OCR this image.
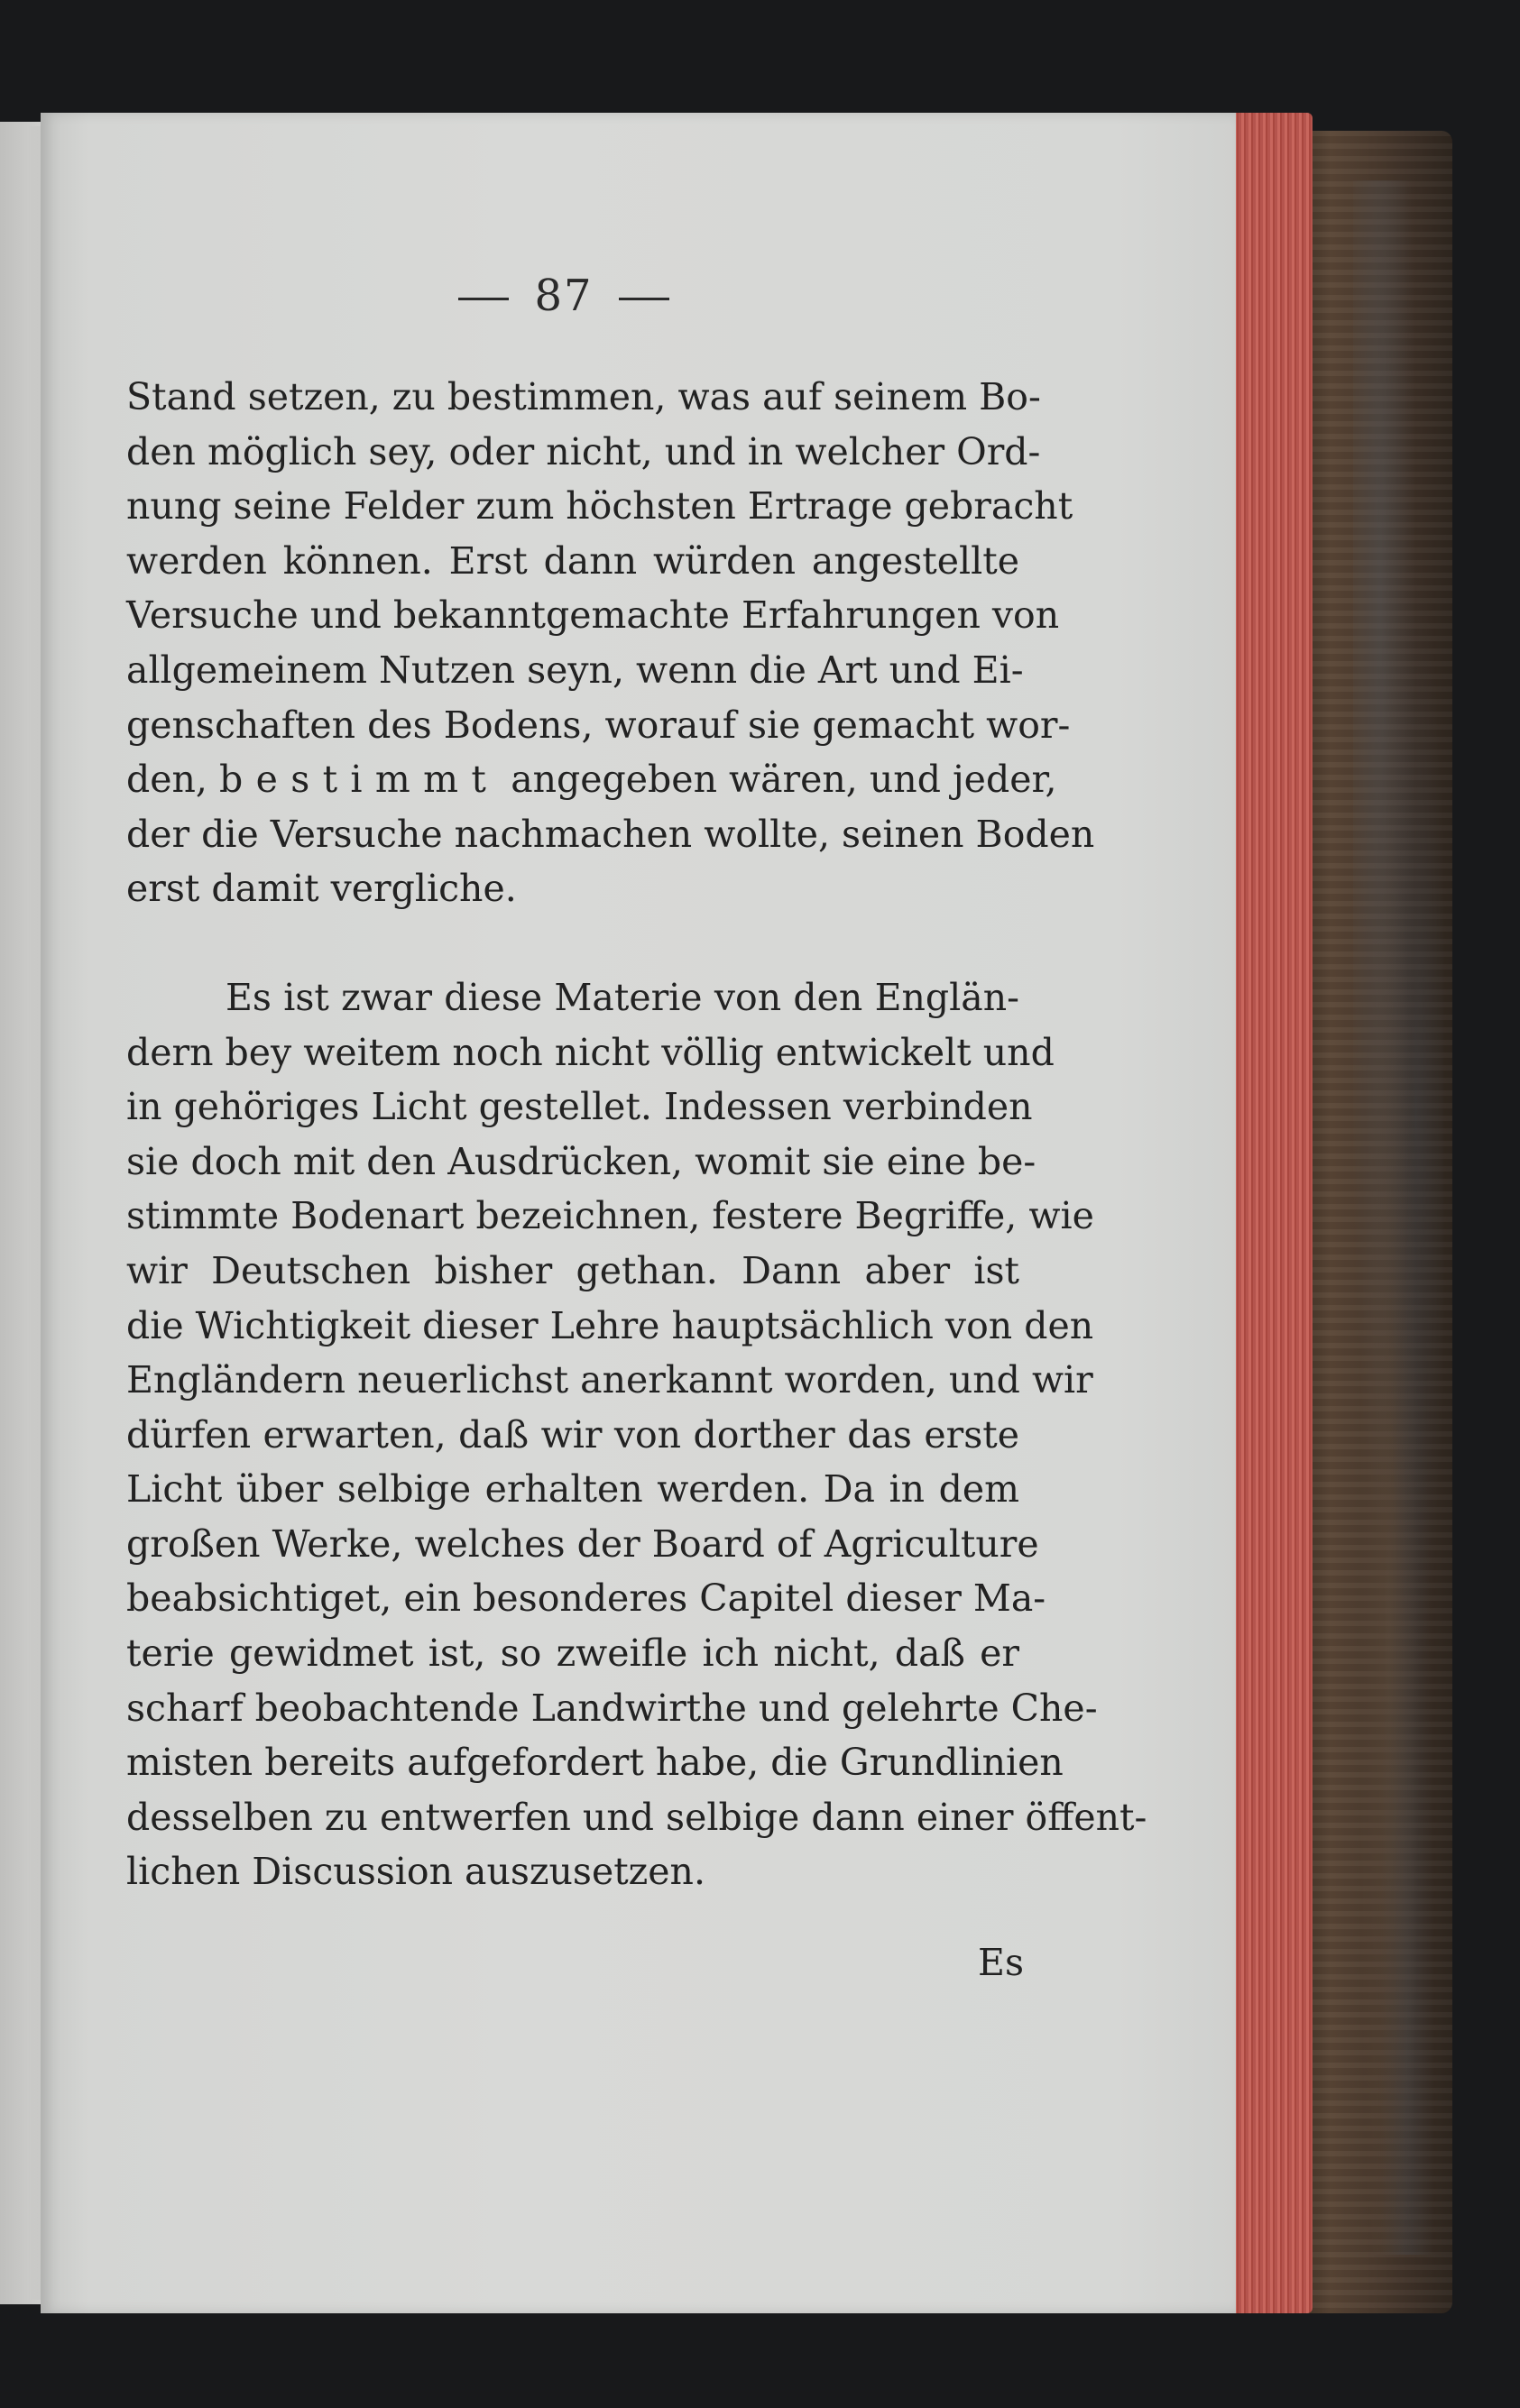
87
Stand setzen, zu bestimmen, was auf seinem Bo-
den möglich sey, oder nicht, und in welcher Ord-
nung seine Felder zum höchsten Ertrage gebracht
werden können. Erst dann würden angestellte
Versuche und bekanntgemachte Erfahrungen von
allgemeinem Nutzen seyn, wenn die Art und Ei-
genschaften des Bodens, worauf sie gemacht wor-
den, bestimmt angegeben wären, und jeder,
der die Versuche nachmachen wollte, seinen Boden
erst damit vergliche.
Es ist zwar diese Materie von den Englän-
dern bey weitem noch nicht völlig entwickelt und
in gehöriges Licht gestellet. Indessen verbinden
sie doch mit den Ausdrücken, womit sie eine be-
stimmte Bodenart bezeichnen, festere Begriffe, wie
wir Deutschen bisher gethan. Dann aber ist
die Wichtigkeit dieser Lehre hauptsächlich von den
Engländern neuerlichst anerkannt worden, und wir
dürfen erwarten, daß wir von dorther das erste
Licht über selbige erhalten werden. Da in dem
großen Werke, welches der Board of Agriculture
beabsichtiget, ein besonderes Capitel dieser Ma-
terie gewidmet ist, so zweifle ich nicht, daß er
scharf beobachtende Landwirthe und gelehrte Che-
misten bereits aufgefordert habe, die Grundlinien
desselben zu entwerfen und selbige dann einer öffent-
lichen Discussion auszusetzen.
Es
